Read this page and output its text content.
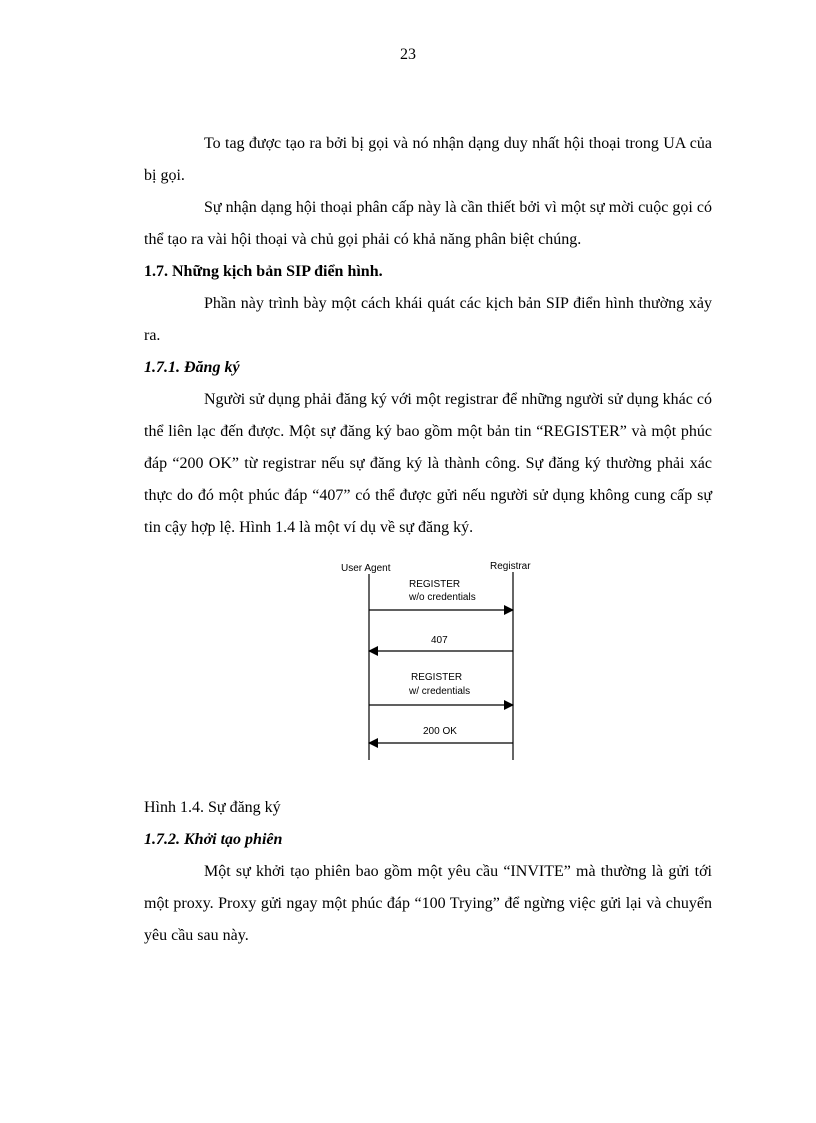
23

To tag được tạo ra bởi bị gọi và nó nhận dạng duy nhất hội thoại trong UA của bị gọi.

Sự nhận dạng hội thoại phân cấp này là cần thiết bởi vì một sự mời cuộc gọi có thể tạo ra vài hội thoại và chủ gọi phải có khả năng phân biệt chúng.

1.7. Những kịch bản SIP điển hình.

Phần này trình bày một cách khái quát các kịch bản SIP điển hình thường xảy ra.

1.7.1. Đăng ký

Người sử dụng phải đăng ký với một registrar để những người sử dụng khác có thể liên lạc đến được. Một sự đăng ký bao gồm một bản tin “REGISTER” và một phúc đáp “200 OK” từ registrar nếu sự đăng ký là thành công. Sự đăng ký thường phải xác thực do đó một phúc đáp “407” có thể được gửi nếu người sử dụng không cung cấp sự tin cậy hợp lệ. Hình 1.4 là một ví dụ về sự đăng ký.

User Agent	Registrar
REGISTER
w/o credentials
407
REGISTER
w/ credentials
200 OK

Hình 1.4. Sự đăng ký

1.7.2. Khởi tạo phiên

Một sự khởi tạo phiên bao gồm một yêu cầu “INVITE” mà thường là gửi tới một proxy. Proxy gửi ngay một phúc đáp “100 Trying” để ngừng việc gửi lại và chuyển yêu cầu sau này.
